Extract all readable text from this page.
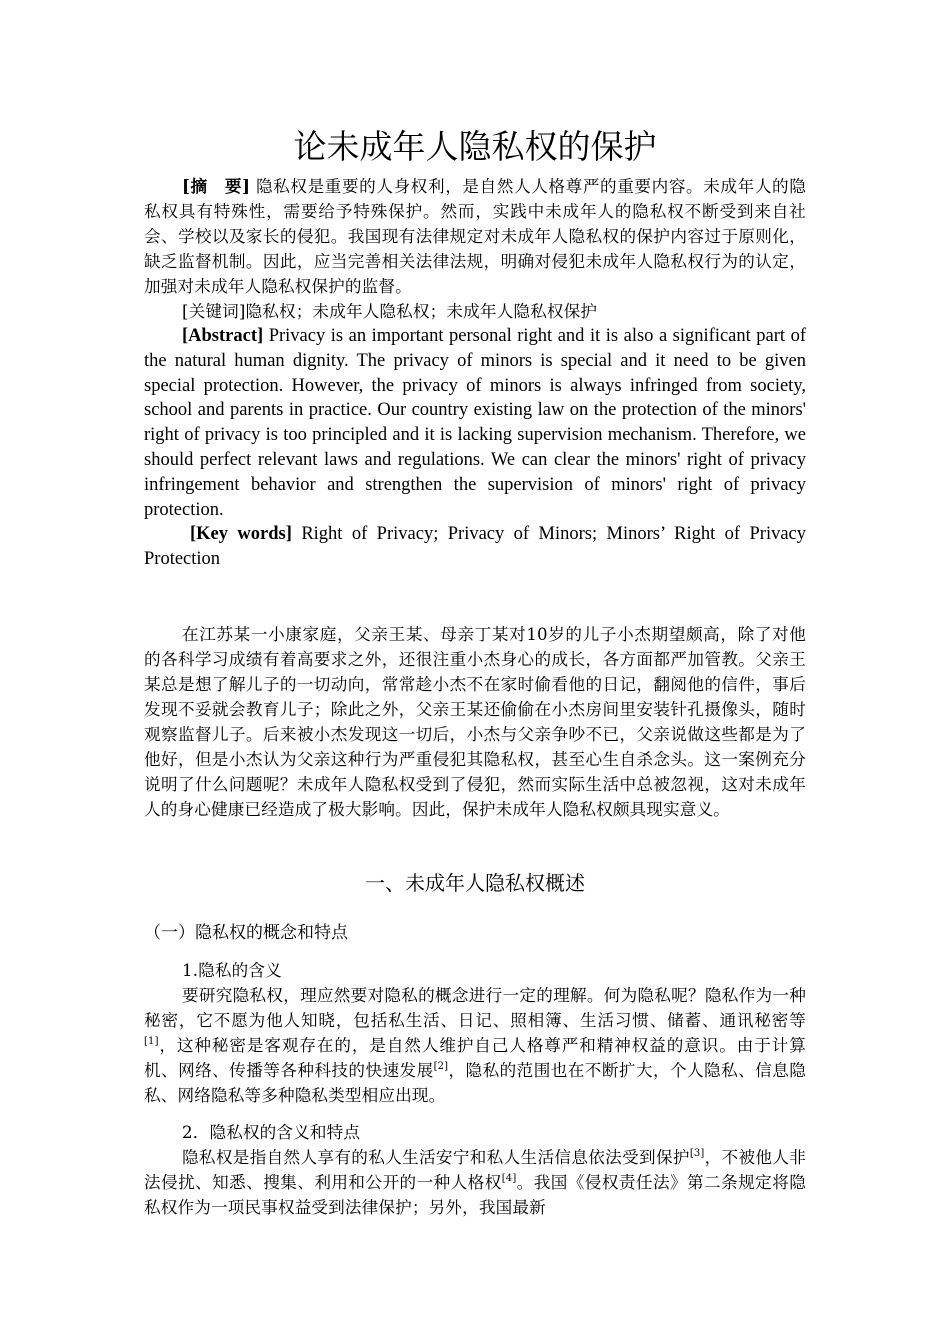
论未成年人隐私权的保护

[摘　要] 隐私权是重要的人身权利，是自然人人格尊严的重要内容。未成年人的隐私权具有特殊性，需要给予特殊保护。然而，实践中未成年人的隐私权不断受到来自社会、学校以及家长的侵犯。我国现有法律规定对未成年人隐私权的保护内容过于原则化，缺乏监督机制。因此，应当完善相关法律法规，明确对侵犯未成年人隐私权行为的认定，加强对未成年人隐私权保护的监督。

[关键词]隐私权；未成年人隐私权；未成年人隐私权保护

[Abstract] Privacy is an important personal right and it is also a significant part of the natural human dignity. The privacy of minors is special and it need to be given special protection. However, the privacy of minors is always infringed from society, school and parents in practice. Our country existing law on the protection of the minors' right of privacy is too principled and it is lacking supervision mechanism. Therefore, we should perfect relevant laws and regulations. We can clear the minors' right of privacy infringement behavior and strengthen the supervision of minors' right of privacy protection.

[Key words] Right of Privacy; Privacy of Minors; Minors’ Right of Privacy Protection

在江苏某一小康家庭，父亲王某、母亲丁某对10岁的儿子小杰期望颇高，除了对他的各科学习成绩有着高要求之外，还很注重小杰身心的成长，各方面都严加管教。父亲王某总是想了解儿子的一切动向，常常趁小杰不在家时偷看他的日记，翻阅他的信件，事后发现不妥就会教育儿子；除此之外，父亲王某还偷偷在小杰房间里安装针孔摄像头，随时观察监督儿子。后来被小杰发现这一切后，小杰与父亲争吵不已，父亲说做这些都是为了他好，但是小杰认为父亲这种行为严重侵犯其隐私权，甚至心生自杀念头。这一案例充分说明了什么问题呢？未成年人隐私权受到了侵犯，然而实际生活中总被忽视，这对未成年人的身心健康已经造成了极大影响。因此，保护未成年人隐私权颇具现实意义。

一、未成年人隐私权概述

（一）隐私权的概念和特点

1.隐私的含义

要研究隐私权，理应然要对隐私的概念进行一定的理解。何为隐私呢？隐私作为一种秘密，它不愿为他人知晓，包括私生活、日记、照相簿、生活习惯、储蓄、通讯秘密等[1]，这种秘密是客观存在的，是自然人维护自己人格尊严和精神权益的意识。由于计算机、网络、传播等各种科技的快速发展[2]，隐私的范围也在不断扩大，个人隐私、信息隐私、网络隐私等多种隐私类型相应出现。

2．隐私权的含义和特点

隐私权是指自然人享有的私人生活安宁和私人生活信息依法受到保护[3]，不被他人非法侵扰、知悉、搜集、利用和公开的一种人格权[4]。我国《侵权责任法》第二条规定将隐私权作为一项民事权益受到法律保护；另外，我国最新
